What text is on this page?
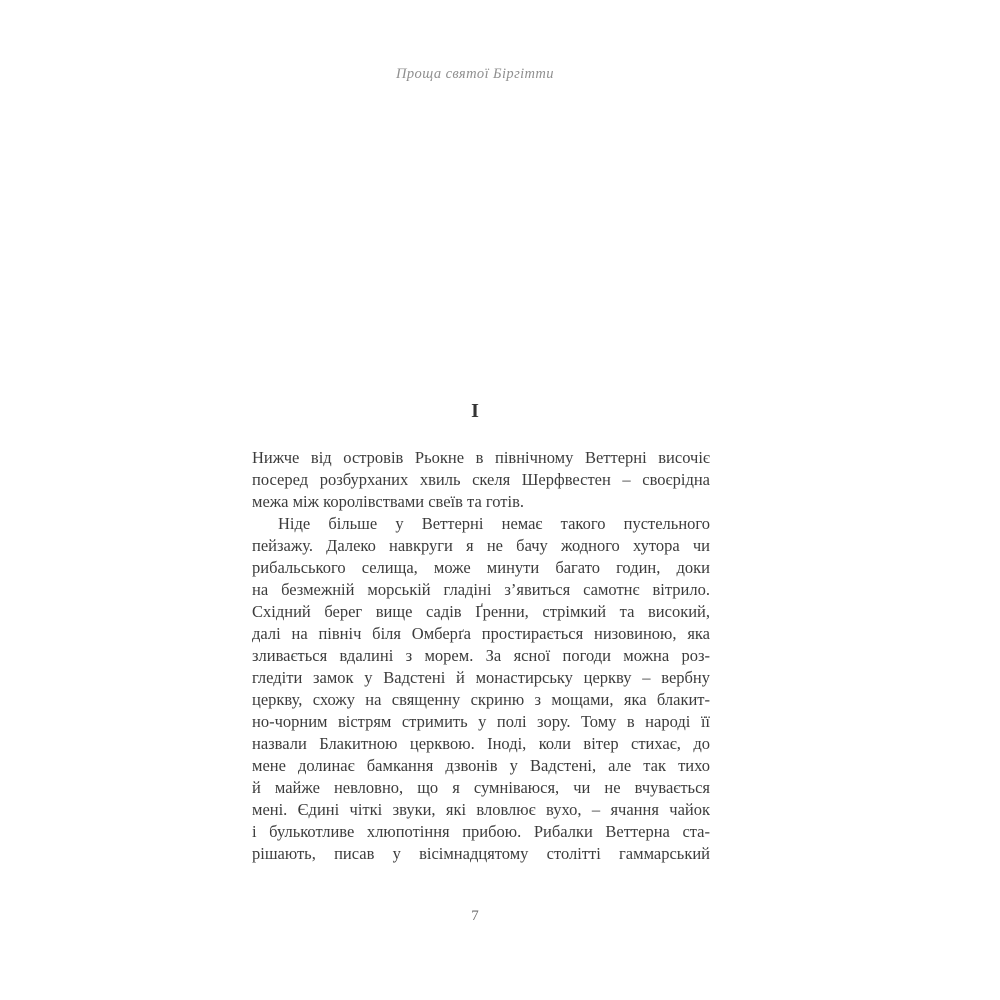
Проща святої Біргітти
I
Нижче від островів Рьокне в північному Веттерні височіє
посеред розбурханих хвиль скеля Шерфвестен – своєрідна
межа між королівствами свеїв та готів.
Ніде більше у Веттерні немає такого пустельного
пейзажу. Далеко навкруги я не бачу жодного хутора чи
рибальського селища, може минути багато годин, доки
на безмежній морській гладіні з’явиться самотнє вітрило.
Східний берег вище садів Ґренни, стрімкий та високий,
далі на північ біля Омберґа простирається низовиною, яка
зливається вдалині з морем. За ясної погоди можна роз-
гледіти замок у Вадстені й монастирську церкву – вербну
церкву, схожу на священну скриню з мощами, яка блакит-
но-чорним вістрям стримить у полі зору. Тому в народі її
назвали Блакитною церквою. Іноді, коли вітер стихає, до
мене долинає бамкання дзвонів у Вадстені, але так тихо
й майже невловно, що я сумніваюся, чи не вчувається
мені. Єдині чіткі звуки, які вловлює вухо, – ячання чайок
і булькотливе хлюпотіння прибою. Рибалки Веттерна ста-
рішають, писав у вісімнадцятому столітті гаммарський
7
